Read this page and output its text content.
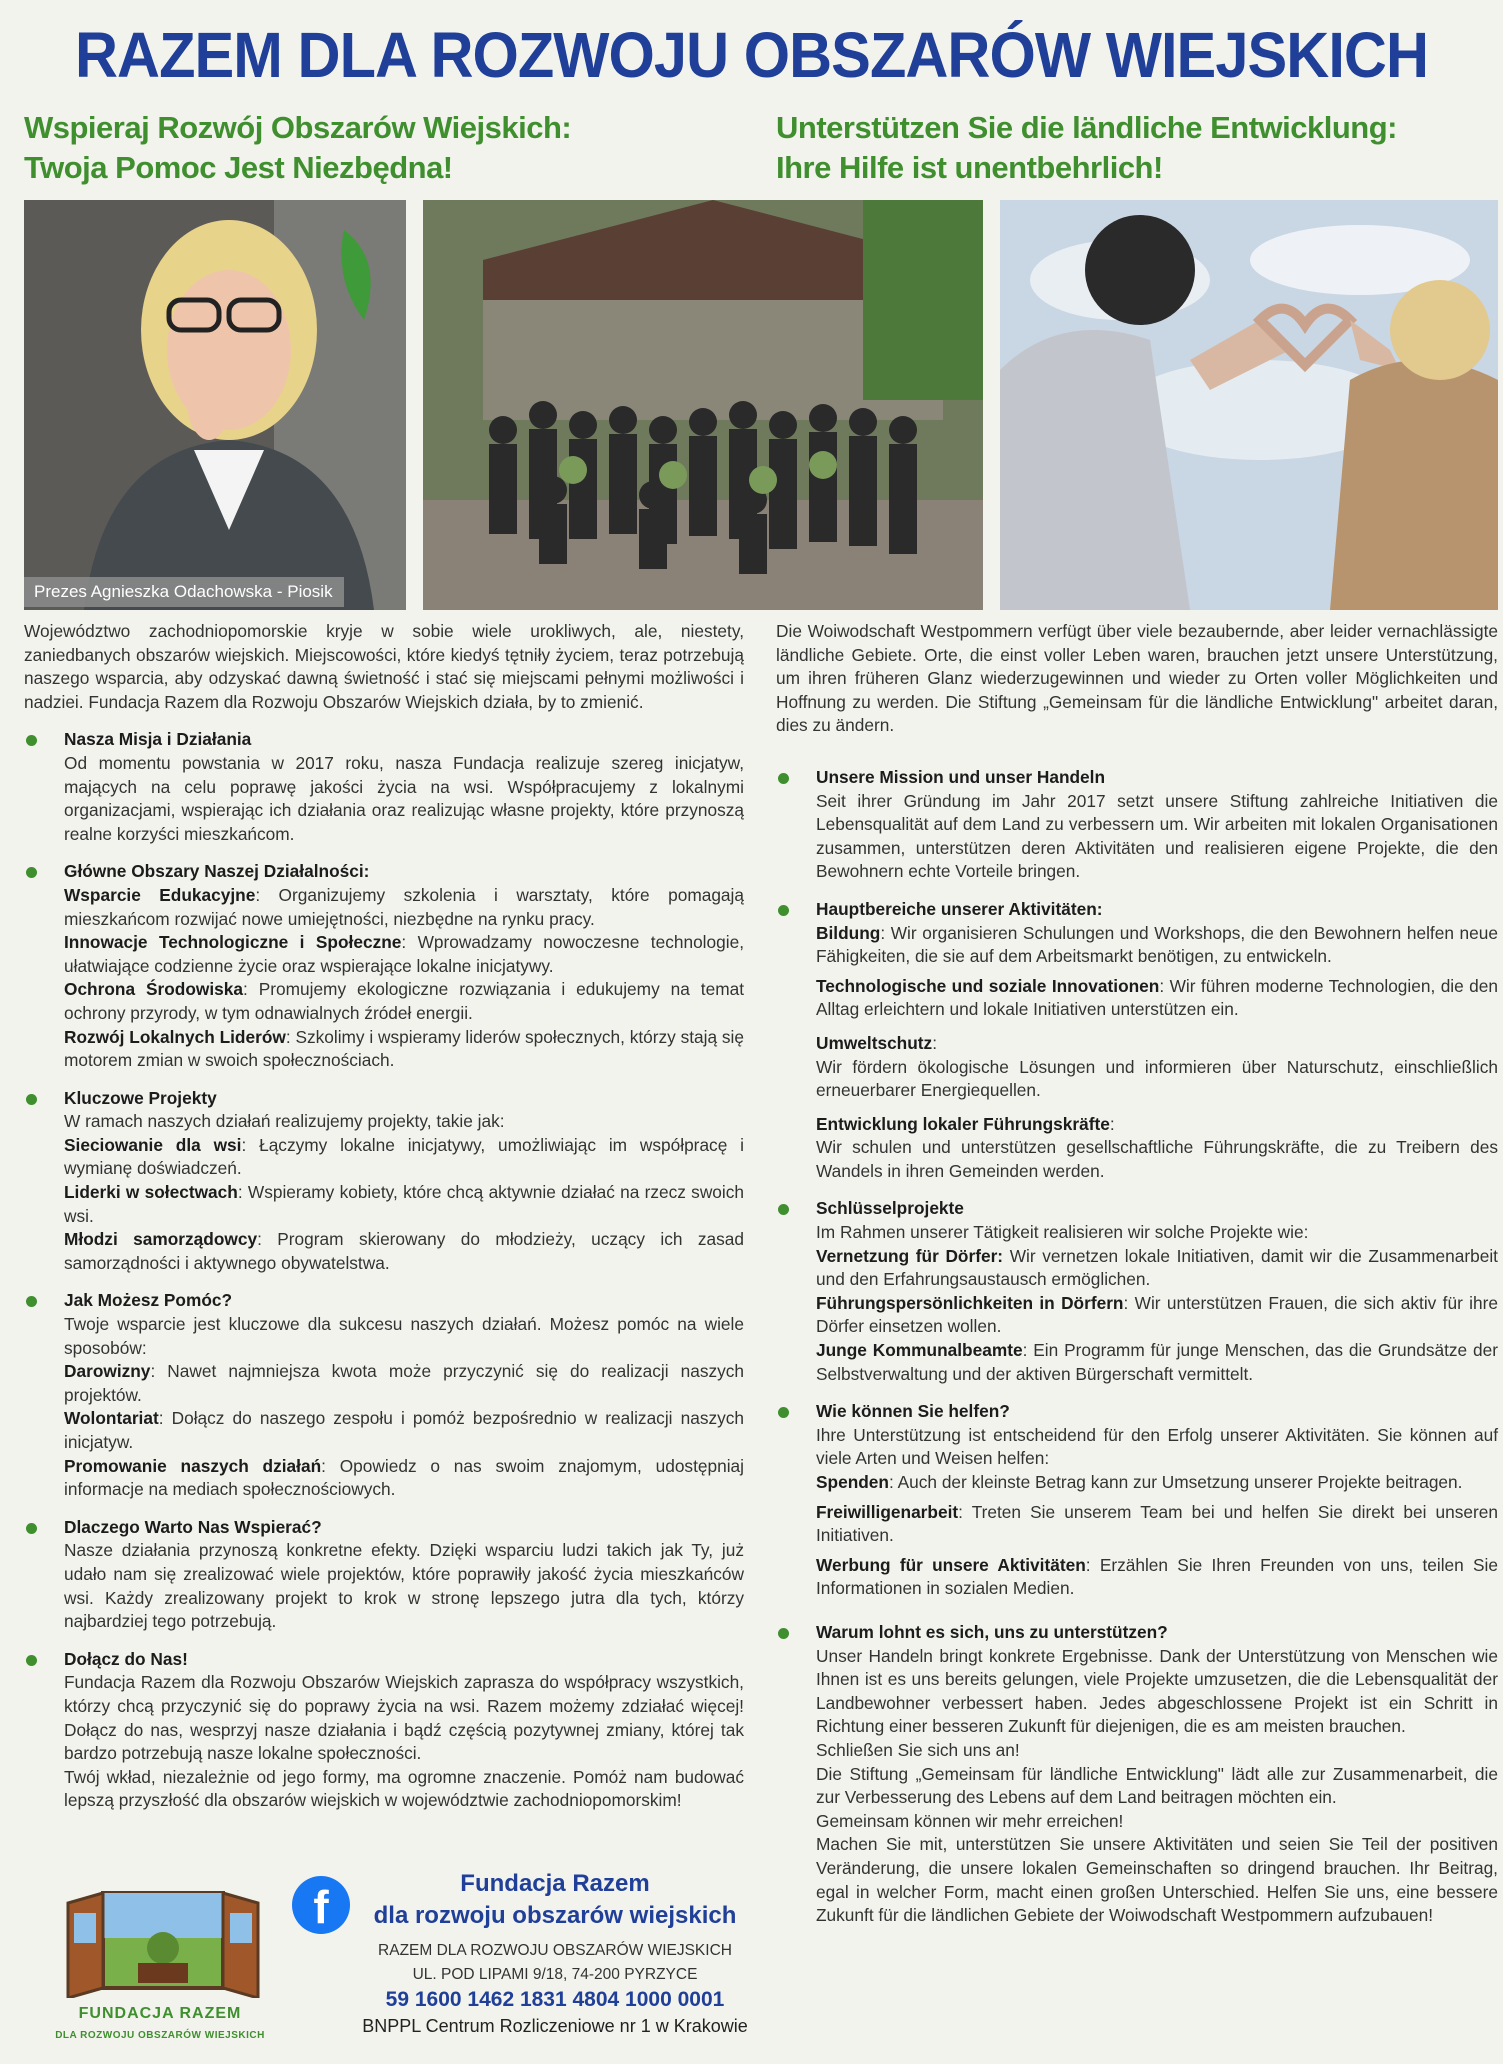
RAZEM DLA ROZWOJU OBSZARÓW WIEJSKICH
Wspieraj Rozwój Obszarów Wiejskich:
Twoja Pomoc Jest Niezbędna!
Unterstützen Sie die ländliche Entwicklung:
Ihre Hilfe ist unentbehrlich!
Prezes Agnieszka Odachowska - Piosik

Województwo zachodniopomorskie kryje w sobie wiele urokliwych, ale, niestety, zaniedbanych obszarów wiejskich. Miejscowości, które kiedyś tętniły życiem, teraz potrzebują naszego wsparcia, aby odzyskać dawną świetność i stać się miejscami pełnymi możliwości i nadziei. Fundacja Razem dla Rozwoju Obszarów Wiejskich działa, by to zmienić.

Nasza Misja i Działania

Od momentu powstania w 2017 roku, nasza Fundacja realizuje szereg inicjatyw, mających na celu poprawę jakości życia na wsi. Współpracujemy z lokalnymi organizacjami, wspierając ich działania oraz realizując własne projekty, które przynoszą realne korzyści mieszkańcom.

Główne Obszary Naszej Działalności:

Wsparcie Edukacyjne: Organizujemy szkolenia i warsztaty, które pomagają mieszkańcom rozwijać nowe umiejętności, niezbędne na rynku pracy.

Innowacje Technologiczne i Społeczne: Wprowadzamy nowoczesne technologie, ułatwiające codzienne życie oraz wspierające lokalne inicjatywy.

Ochrona Środowiska: Promujemy ekologiczne rozwiązania i edukujemy na temat ochrony przyrody, w tym odnawialnych źródeł energii.

Rozwój Lokalnych Liderów: Szkolimy i wspieramy liderów społecznych, którzy stają się motorem zmian w swoich społecznościach.

Kluczowe Projekty

W ramach naszych działań realizujemy projekty, takie jak:

Sieciowanie dla wsi: Łączymy lokalne inicjatywy, umożliwiając im współpracę i wymianę doświadczeń.

Liderki w sołectwach: Wspieramy kobiety, które chcą aktywnie działać na rzecz swoich wsi.

Młodzi samorządowcy: Program skierowany do młodzieży, uczący ich zasad samorządności i aktywnego obywatelstwa.

Jak Możesz Pomóc?

Twoje wsparcie jest kluczowe dla sukcesu naszych działań. Możesz pomóc na wiele sposobów:

Darowizny: Nawet najmniejsza kwota może przyczynić się do realizacji naszych projektów.

Wolontariat: Dołącz do naszego zespołu i pomóż bezpośrednio w realizacji naszych inicjatyw.

Promowanie naszych działań: Opowiedz o nas swoim znajomym, udostępniaj informacje na mediach społecznościowych.

Dlaczego Warto Nas Wspierać?

Nasze działania przynoszą konkretne efekty. Dzięki wsparciu ludzi takich jak Ty, już udało nam się zrealizować wiele projektów, które poprawiły jakość życia mieszkańców wsi. Każdy zrealizowany projekt to krok w stronę lepszego jutra dla tych, którzy najbardziej tego potrzebują.

Dołącz do Nas!

Fundacja Razem dla Rozwoju Obszarów Wiejskich zaprasza do współpracy wszystkich, którzy chcą przyczynić się do poprawy życia na wsi. Razem możemy zdziałać więcej! Dołącz do nas, wesprzyj nasze działania i bądź częścią pozytywnej zmiany, której tak bardzo potrzebują nasze lokalne społeczności.

Twój wkład, niezależnie od jego formy, ma ogromne znaczenie. Pomóż nam budować lepszą przyszłość dla obszarów wiejskich w województwie zachodniopomorskim!

Die Woiwodschaft Westpommern verfügt über viele bezaubernde, aber leider vernachlässigte ländliche Gebiete. Orte, die einst voller Leben waren, brauchen jetzt unsere Unterstützung, um ihren früheren Glanz wiederzugewinnen und wieder zu Orten voller Möglichkeiten und Hoffnung zu werden. Die Stiftung „Gemeinsam für die ländliche Entwicklung" arbeitet daran, dies zu ändern.

Unsere Mission und unser Handeln

Seit ihrer Gründung im Jahr 2017 setzt unsere Stiftung zahlreiche Initiativen die Lebensqualität auf dem Land zu verbessern um. Wir arbeiten mit lokalen Organisationen zusammen, unterstützen deren Aktivitäten und realisieren eigene Projekte, die den Bewohnern echte Vorteile bringen.

Hauptbereiche unserer Aktivitäten:

Bildung: Wir organisieren Schulungen und Workshops, die den Bewohnern helfen neue Fähigkeiten, die sie auf dem Arbeitsmarkt benötigen, zu entwickeln.

Technologische und soziale Innovationen: Wir führen moderne Technologien, die den Alltag erleichtern und lokale Initiativen unterstützen ein.

Umweltschutz:

Wir fördern ökologische Lösungen und informieren über Naturschutz, einschließlich erneuerbarer Energiequellen.

Entwicklung lokaler Führungskräfte:

Wir schulen und unterstützen gesellschaftliche Führungskräfte, die zu Treibern des Wandels in ihren Gemeinden werden.

Schlüsselprojekte

Im Rahmen unserer Tätigkeit realisieren wir solche Projekte wie:

Vernetzung für Dörfer: Wir vernetzen lokale Initiativen, damit wir die Zusammenarbeit und den Erfahrungsaustausch ermöglichen.

Führungspersönlichkeiten in Dörfern: Wir unterstützen Frauen, die sich aktiv für ihre Dörfer einsetzen wollen.

Junge Kommunalbeamte: Ein Programm für junge Menschen, das die Grundsätze der Selbstverwaltung und der aktiven Bürgerschaft vermittelt.

Wie können Sie helfen?

Ihre Unterstützung ist entscheidend für den Erfolg unserer Aktivitäten. Sie können auf viele Arten und Weisen helfen:

Spenden: Auch der kleinste Betrag kann zur Umsetzung unserer Projekte beitragen.

Freiwilligenarbeit: Treten Sie unserem Team bei und helfen Sie direkt bei unseren Initiativen.

Werbung für unsere Aktivitäten: Erzählen Sie Ihren Freunden von uns, teilen Sie Informationen in sozialen Medien.

Warum lohnt es sich, uns zu unterstützen?

Unser Handeln bringt konkrete Ergebnisse. Dank der Unterstützung von Menschen wie Ihnen ist es uns bereits gelungen, viele Projekte umzusetzen, die die Lebensqualität der Landbewohner verbessert haben. Jedes abgeschlossene Projekt ist ein Schritt in Richtung einer besseren Zukunft für diejenigen, die es am meisten brauchen.

Schließen Sie sich uns an!

Die Stiftung „Gemeinsam für ländliche Entwicklung" lädt alle zur Zusammenarbeit, die zur Verbesserung des Lebens auf dem Land beitragen möchten ein.

Gemeinsam können wir mehr erreichen!

Machen Sie mit, unterstützen Sie unsere Aktivitäten und seien Sie Teil der positiven Veränderung, die unsere lokalen Gemeinschaften so dringend brauchen. Ihr Beitrag, egal in welcher Form, macht einen großen Unterschied. Helfen Sie uns, eine bessere Zukunft für die ländlichen Gebiete der Woiwodschaft Westpommern aufzubauen!

FUNDACJA RAZEM
DLA ROZWOJU OBSZARÓW WIEJSKICH
f	Fundacja Razem
dla rozwoju obszarów wiejskich
RAZEM DLA ROZWOJU OBSZARÓW WIEJSKICH
UL. POD LIPAMI 9/18, 74-200 PYRZYCE
59 1600 1462 1831 4804 1000 0001
BNPPL Centrum Rozliczeniowe nr 1 w Krakowie
